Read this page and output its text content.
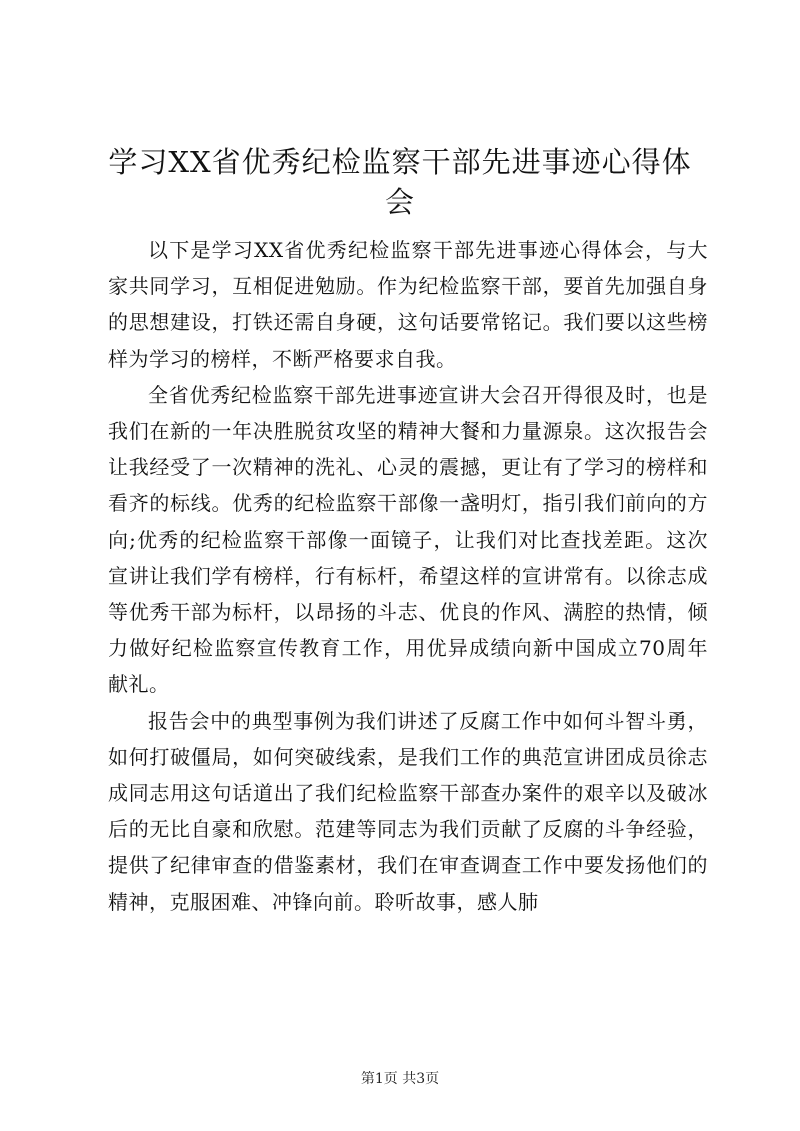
学习XX省优秀纪检监察干部先进事迹心得体会

以下是学习XX省优秀纪检监察干部先进事迹心得体会，与大家共同学习，互相促进勉励。作为纪检监察干部，要首先加强自身的思想建设，打铁还需自身硬，这句话要常铭记。我们要以这些榜样为学习的榜样，不断严格要求自我。

全省优秀纪检监察干部先进事迹宣讲大会召开得很及时，也是我们在新的一年决胜脱贫攻坚的精神大餐和力量源泉。这次报告会让我经受了一次精神的洗礼、心灵的震撼，更让有了学习的榜样和看齐的标线。优秀的纪检监察干部像一盏明灯，指引我们前向的方向;优秀的纪检监察干部像一面镜子，让我们对比查找差距。这次宣讲让我们学有榜样，行有标杆，希望这样的宣讲常有。以徐志成等优秀干部为标杆，以昂扬的斗志、优良的作风、满腔的热情，倾力做好纪检监察宣传教育工作，用优异成绩向新中国成立70周年献礼。

报告会中的典型事例为我们讲述了反腐工作中如何斗智斗勇，如何打破僵局，如何突破线索，是我们工作的典范宣讲团成员徐志成同志用这句话道出了我们纪检监察干部查办案件的艰辛以及破冰后的无比自豪和欣慰。范建等同志为我们贡献了反腐的斗争经验，提供了纪律审查的借鉴素材，我们在审查调查工作中要发扬他们的精神，克服困难、冲锋向前。聆听故事，感人肺

第1页 共3页
